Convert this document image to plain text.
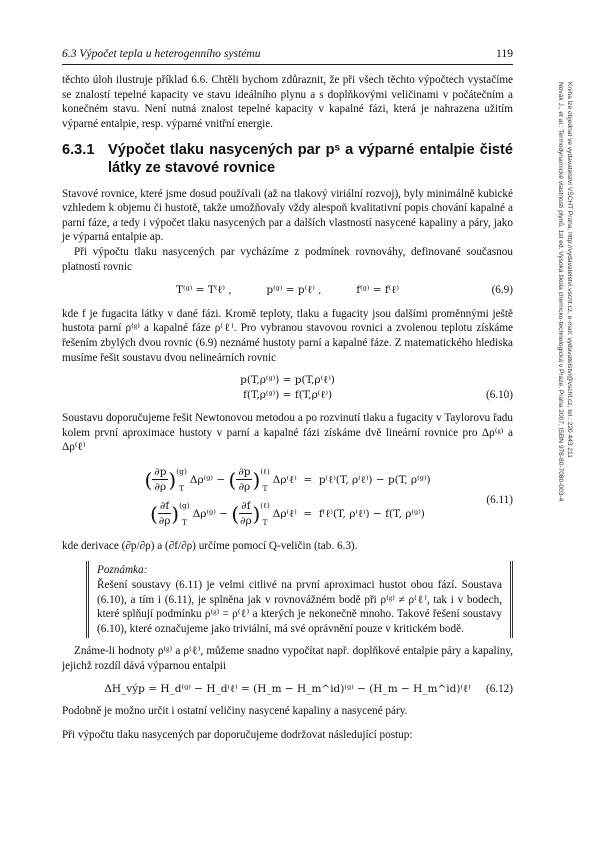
6.3 Výpočet tepla u heterogenního systému	119

těchto úloh ilustruje příklad 6.6. Chtěli bychom zdůraznit, že při všech těchto výpočtech vystačíme se znalostí tepelné kapacity ve stavu ideálního plynu a s doplňkovými veličinami v počátečním a konečném stavu. Není nutná znalost tepelné kapacity v kapalné fázi, která je nahrazena užitím výparné entalpie, resp. výparné vnitřní energie.

6.3.1 Výpočet tlaku nasycených par pˢ a výparné entalpie čisté látky ze stavové rovnice

Stavové rovnice, které jsme dosud používali (až na tlakový viriální rozvoj), byly minimálně kubické vzhledem k objemu či hustotě, takže umožňovaly vždy alespoň kvalitativní popis chování kapalné a parní fáze, a tedy i výpočet tlaku nasycených par a dalších vlastností nasycené kapaliny a páry, jako je výparná entalpie ap.

Při výpočtu tlaku nasycených par vycházíme z podmínek rovnováhy, definované současnou platností rovnic

T⁽ᵍ⁾ = T⁽ℓ⁾ ,	p⁽ᵍ⁾ = p⁽ℓ⁾ ,	f⁽ᵍ⁾ = f⁽ℓ⁾	(6.9)

kde f je fugacita látky v dané fázi. Kromě teploty, tlaku a fugacity jsou dalšími proměnnými ještě hustota parní ρ⁽ᵍ⁾ a kapalné fáze ρ⁽ℓ⁾. Pro vybranou stavovou rovnici a zvolenou teplotu získáme řešením zbylých dvou rovnic (6.9) neznámé hustoty parní a kapalné fáze. Z matematického hlediska musíme řešit soustavu dvou nelineárních rovnic

p(T,ρ⁽ᵍ⁾) = p(T,ρ⁽ℓ⁾)
f(T,ρ⁽ᵍ⁾) = f(T,ρ⁽ℓ⁾)	(6.10)

Soustavu doporučujeme řešit Newtonovou metodou a po rozvinutí tlaku a fugacity v Taylorovu řadu kolem první aproximace hustoty v parní a kapalné fázi získáme dvě lineární rovnice pro Δρ⁽ᵍ⁾ a Δρ⁽ℓ⁾

( $\frac{\partial p}{\partial\rho}$ ) (g)
T
Δρ⁽ᵍ⁾
−
( $\frac{\partial p}{\partial\rho}$ ) (ℓ)
T
Δρ⁽ℓ⁾
=
p⁽ℓ⁾(T, ρ⁽ℓ⁾) − p(T, ρ⁽ᵍ⁾)
( $\frac{\partial f}{\partial\rho}$ ) (g)
T
Δρ⁽ᵍ⁾
−
( $\frac{\partial f}{\partial\rho}$ ) (ℓ)
T
Δρ⁽ℓ⁾
=
f⁽ℓ⁾(T, ρ⁽ℓ⁾) − f(T, ρ⁽ᵍ⁾)
(6.11)

kde derivace (∂p/∂ρ) a (∂f/∂ρ) určíme pomocí Q-veličin (tab. 6.3).

Poznámka:
Řešení soustavy (6.11) je velmi citlivé na první aproximaci hustot obou fází. Soustava (6.10), a tím i (6.11), je splněna jak v rovnovážném bodě při ρ⁽ᵍ⁾ ≠ ρ⁽ℓ⁾, tak i v bodech, které splňují podmínku ρ⁽ᵍ⁾ = ρ⁽ℓ⁾ a kterých je nekonečně mnoho. Takové řešení soustavy (6.10), které označujeme jako triviální, má své oprávnění pouze v kritickém bodě.

Známe-li hodnoty ρ⁽ᵍ⁾ a ρ⁽ℓ⁾, můžeme snadno vypočítat např. doplňkové entalpie páry a kapaliny, jejichž rozdíl dává výparnou entalpii

ΔH_výp = H_d⁽ᵍ⁾ − H_d⁽ℓ⁾ = (H_m − H_m^id)⁽ᵍ⁾ − (H_m − H_m^id)⁽ℓ⁾ (6.12)

Podobně je možno určit i ostatní veličiny nasycené kapaliny a nasycené páry.

Při výpočtu tlaku nasycených par doporučujeme dodržovat následující postup:

Novák J., et al.: Termodynamické vlastnosti plynů, 1st ed. Vysoká škola chemicko-technologická v Praze, Praha 2007, ISBN 978-80-7080-003-4 Kniha lze objednat ve vydavatelství VŠCHT Praha, http://vydavatelstvi.vscht.cz, e-mail: vydavatelstvi@vscht.cz, tel.: 220 443 211
